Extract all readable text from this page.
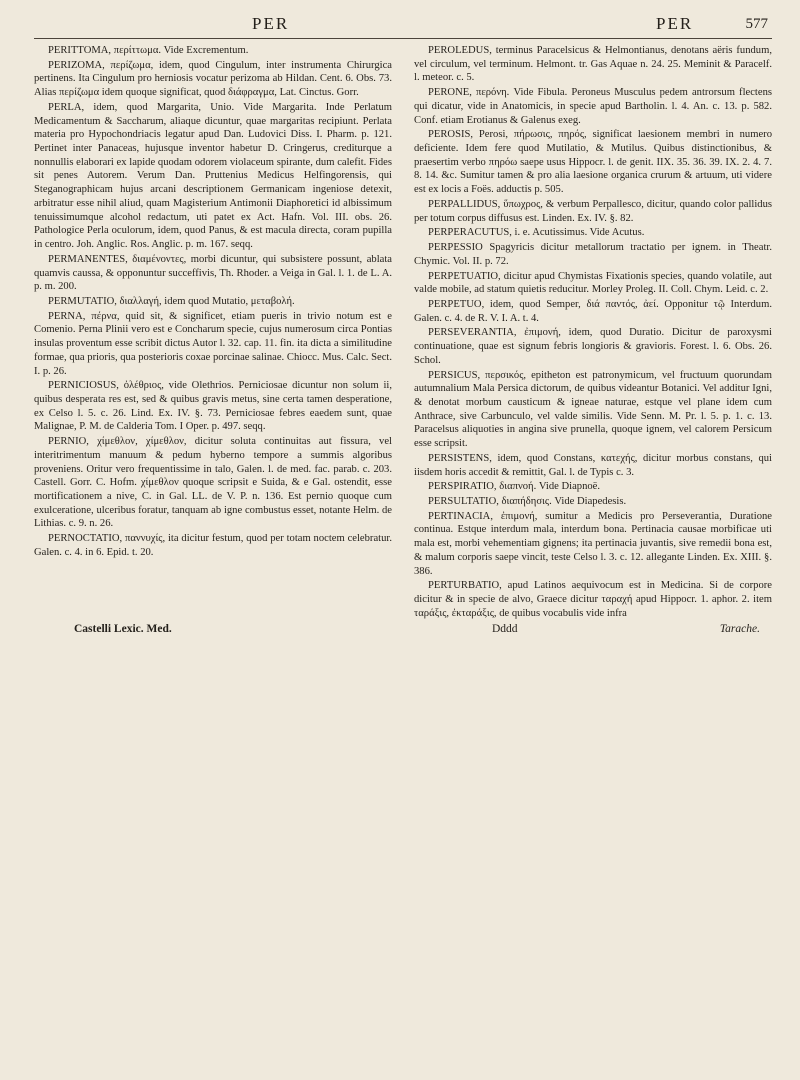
PER	PER	577

PERITTOMA, περίττωμα. Vide Excrementum.

PERIZOMA, περίζωμα, idem, quod Cingulum, inter instrumenta Chirurgica pertinens. Ita Cingulum pro herniosis vocatur perizoma ab Hildan. Cent. 6. Obs. 73. Alias περίζωμα idem quoque significat, quod διάφραγμα, Lat. Cinctus. Gorr.

PERLA, idem, quod Margarita, Unio. Vide Margarita. Inde Perlatum Medicamentum & Saccharum, aliaque dicuntur, quae margaritas recipiunt. Perlata materia pro Hypochondriacis legatur apud Dan. Ludovici Diss. I. Pharm. p. 121. Pertinet inter Panaceas, hujusque inventor habetur D. Cringerus, crediturque a nonnullis elaborari ex lapide quodam odorem violaceum spirante, dum calefit. Fides sit penes Autorem. Verum Dan. Pruttenius Medicus Helfingorensis, qui Steganographicam hujus arcani descriptionem Germanicam ingeniose detexit, arbitratur esse nihil aliud, quam Magisterium Antimonii Diaphoretici id albissimum tenuissimumque alcohol redactum, uti patet ex Act. Hafn. Vol. III. obs. 26. Pathologice Perla oculorum, idem, quod Panus, & est macula directa, coram pupilla in centro. Joh. Anglic. Ros. Anglic. p. m. 167. seqq.

PERMANENTES, διαμένοντες, morbi dicuntur, qui subsistere possunt, ablata quamvis caussa, & opponuntur succeffivis, Th. Rhoder. a Veiga in Gal. l. 1. de L. A. p. m. 200.

PERMUTATIO, διαλλαγή, idem quod Mutatio, μεταβολή.

PERNA, πέρνα, quid sit, & significet, etiam pueris in trivio notum est e Comenio. Perna Plinii vero est e Concharum specie, cujus numerosum circa Pontias insulas proventum esse scribit dictus Autor l. 32. cap. 11. fin. ita dicta a similitudine formae, qua prioris, qua posterioris coxae porcinae salinae. Chiocc. Mus. Calc. Sect. I. p. 26.

PERNICIOSUS, ὀλέθριος, vide Olethrios. Perniciosae dicuntur non solum ii, quibus desperata res est, sed & quibus gravis metus, sine certa tamen desperatione, ex Celso l. 5. c. 26. Lind. Ex. IV. §. 73. Perniciosae febres eaedem sunt, quae Malignae, P. M. de Calderia Tom. I Oper. p. 497. seqq.

PERNIO, χίμεθλον, χίμεθλον, dicitur soluta continuitas aut fissura, vel interitrimentum manuum & pedum hyberno tempore a summis algoribus proveniens. Oritur vero frequentissime in talo, Galen. l. de med. fac. parab. c. 203. Castell. Gorr. C. Hofm. χίμεθλον quoque scripsit e Suida, & e Gal. ostendit, esse mortificationem a nive, C. in Gal. LL. de V. P. n. 136. Est pernio quoque cum exulceratione, ulceribus foratur, tanquam ab igne combustus esset, notante Helm. de Lithias. c. 9. n. 26.

PERNOCTATIO, παννυχίς, ita dicitur festum, quod per totam noctem celebratur. Galen. c. 4. in 6. Epid. t. 20.

PEROLEDUS, terminus Paracelsicus & Helmontianus, denotans aëris fundum, vel circulum, vel terminum. Helmont. tr. Gas Aquae n. 24. 25. Meminit & Paracelf. l. meteor. c. 5.

PERONE, περόνη. Vide Fibula. Peroneus Musculus pedem antrorsum flectens qui dicatur, vide in Anatomicis, in specie apud Bartholin. l. 4. An. c. 13. p. 582. Conf. etiam Erotianus & Galenus exeg.

PEROSIS, Perosi, πήρωσις, πηρός, significat laesionem membri in numero deficiente. Idem fere quod Mutilatio, & Mutilus. Quibus distinctionibus, & praesertim verbo πηρόω saepe usus Hippocr. l. de genit. IIX. 35. 36. 39. IX. 2. 4. 7. 8. 14. &c. Sumitur tamen & pro alia laesione organica crurum & artuum, uti videre est ex locis a Foës. adductis p. 505.

PERPALLIDUS, ὕπωχρος, & verbum Perpallesco, dicitur, quando color pallidus per totum corpus diffusus est. Linden. Ex. IV. §. 82.

PERPERACUTUS, i. e. Acutissimus. Vide Acutus.

PERPESSIO Spagyricis dicitur metallorum tractatio per ignem. in Theatr. Chymic. Vol. II. p. 72.

PERPETUATIO, dicitur apud Chymistas Fixationis species, quando volatile, aut valde mobile, ad statum quietis reducitur. Morley Proleg. II. Coll. Chym. Leid. c. 2.

PERPETUO, idem, quod Semper, διά παντός, ἀεί. Opponitur τῷ Interdum. Galen. c. 4. de R. V. I. A. t. 4.

PERSEVERANTIA, ἐπιμονή, idem, quod Duratio. Dicitur de paroxysmi continuatione, quae est signum febris longioris & gravioris. Forest. l. 6. Obs. 26. Schol.

PERSICUS, περσικός, epitheton est patronymicum, vel fructuum quorundam autumnalium Mala Persica dictorum, de quibus videantur Botanici. Vel additur Igni, & denotat morbum causticum & igneae naturae, estque vel plane idem cum Anthrace, sive Carbunculo, vel valde similis. Vide Senn. M. Pr. l. 5. p. 1. c. 13. Paracelsus aliquoties in angina sive prunella, quoque ignem, vel calorem Persicum esse scripsit.

PERSISTENS, idem, quod Constans, κατεχής, dicitur morbus constans, qui iisdem horis accedit & remittit, Gal. l. de Typis c. 3.

PERSPIRATIO, διαπνοή. Vide Diapnoë.

PERSULTATIO, διαπήδησις. Vide Diapedesis.

PERTINACIA, ἐπιμονή, sumitur a Medicis pro Perseverantia, Duratione continua. Estque interdum mala, interdum bona. Pertinacia causae morbificae uti mala est, morbi vehementiam gignens; ita pertinacia juvantis, sive remedii bona est, & malum corporis saepe vincit, teste Celso l. 3. c. 12. allegante Linden. Ex. XIII. §. 386.

PERTURBATIO, apud Latinos aequivocum est in Medicina. Si de corpore dicitur & in specie de alvo, Graece dicitur ταραχή apud Hippocr. 1. aphor. 2. item ταράξις, ἐκταράξις, de quibus vocabulis vide infra

Castelli Lexic. Med.	Dddd	Tarache.
